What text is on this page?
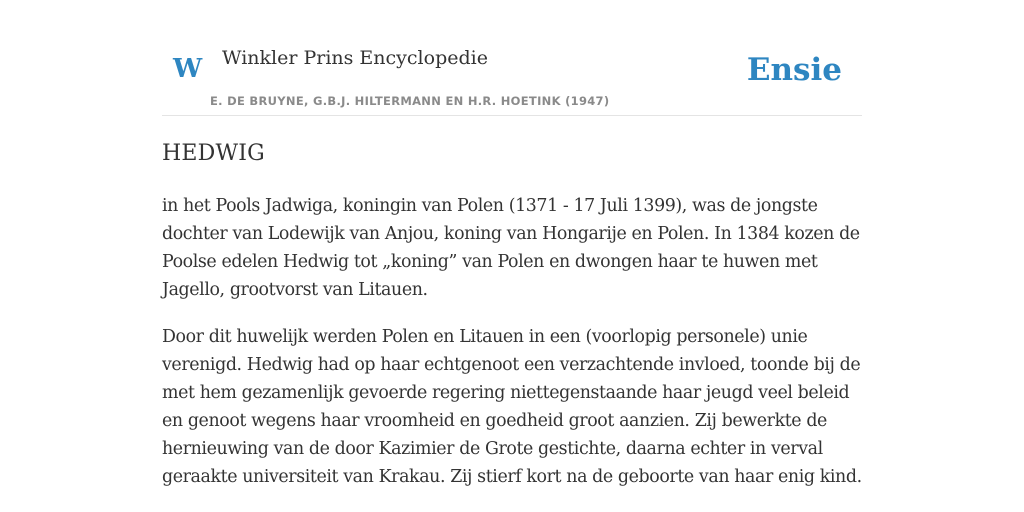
W Winkler Prins Encyclopedie
E. DE BRUYNE, G.B.J. HILTERMANN EN H.R. HOETINK (1947)
Ensie
HEDWIG

in het Pools Jadwiga, koningin van Polen (1371 - 17 Juli 1399), was de jongste dochter van Lodewijk van Anjou, koning van Hongarije en Polen. In 1384 kozen de Poolse edelen Hedwig tot „koning” van Polen en dwongen haar te huwen met Jagello, grootvorst van Litauen.

Door dit huwelijk werden Polen en Litauen in een (voorlopig personele) unie verenigd. Hedwig had op haar echtgenoot een verzachtende invloed, toonde bij de met hem gezamenlijk gevoerde regering niettegenstaande haar jeugd veel beleid en genoot wegens haar vroomheid en goedheid groot aanzien. Zij bewerkte de hernieuwing van de door Kazimier de Grote gestichte, daarna echter in verval geraakte universiteit van Krakau. Zij stierf kort na de geboorte van haar enig kind.
